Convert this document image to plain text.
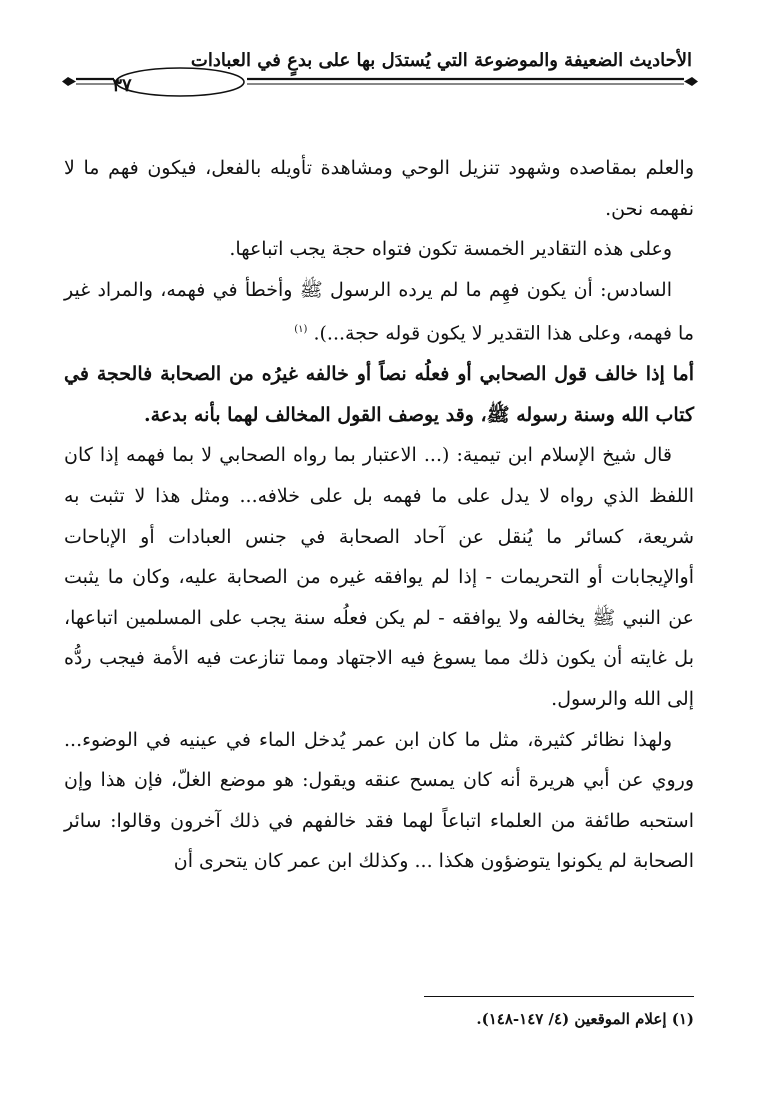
الأحاديث الضعيفة والموضوعة التي يُستدَل بها على بدعٍ في العبادات
٣٧

والعلم بمقاصده وشهود تنزيل الوحي ومشاهدة تأويله بالفعل، فيكون فهم ما لا نفهمه نحن.

وعلى هذه التقادير الخمسة تكون فتواه حجة يجب اتباعها.

السادس: أن يكون فهِم ما لم يرده الرسول ﷺ وأخطأ في فهمه، والمراد غير ما فهمه، وعلى هذا التقدير لا يكون قوله حجة...). $^{(١)}$

أما إذا خالف قول الصحابي أو فعلُه نصاً أو خالفه غيرُه من الصحابة فالحجة في كتاب الله وسنة رسوله ﷺ، وقد يوصف القول المخالف لهما بأنه بدعة.

قال شيخ الإسلام ابن تيمية: (... الاعتبار بما رواه الصحابي لا بما فهمه إذا كان اللفظ الذي رواه لا يدل على ما فهمه بل على خلافه... ومثل هذا لا تثبت به شريعة، كسائر ما يُنقل عن آحاد الصحابة في جنس العبادات أو الإباحات أوالإيجابات أو التحريمات - إذا لم يوافقه غيره من الصحابة عليه، وكان ما يثبت عن النبي ﷺ يخالفه ولا يوافقه - لم يكن فعلُه سنة يجب على المسلمين اتباعها، بل غايته أن يكون ذلك مما يسوغ فيه الاجتهاد ومما تنازعت فيه الأمة فيجب ردُّه إلى الله والرسول.

ولهذا نظائر كثيرة، مثل ما كان ابن عمر يُدخل الماء في عينيه في الوضوء... وروي عن أبي هريرة أنه كان يمسح عنقه ويقول: هو موضع الغلّ، فإن هذا وإن استحبه طائفة من العلماء اتباعاً لهما فقد خالفهم في ذلك آخرون وقالوا: سائر الصحابة لم يكونوا يتوضؤون هكذا ... وكذلك ابن عمر كان يتحرى أن

(١) إعلام الموقعين (٤/ ١٤٧-١٤٨).
